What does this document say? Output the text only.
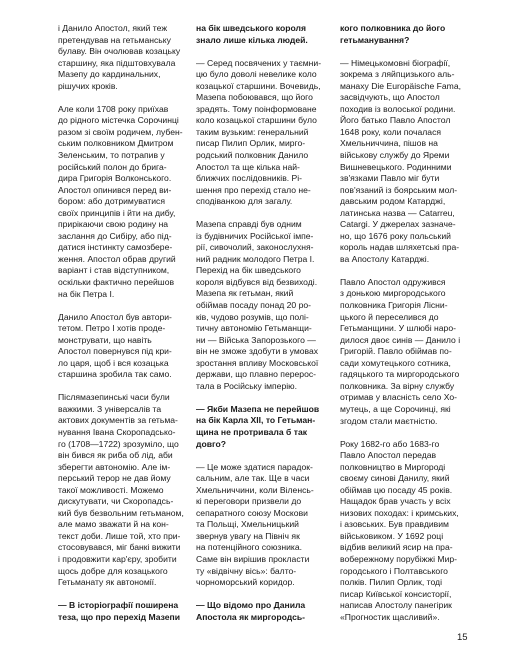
і Данило Апостол, який теж
претендував на гетьманську
булаву. Він очолював козацьку
старшину, яка підштовхувала
Мазепу до кардинальних,
рішучих кроків.

Але коли 1708 року приїхав
до рідного містечка Сорочинці
разом зі своїм родичем, лубен-
ським полковником Дмитром
Зеленським, то потрапив у
російський полон до брига-
дира Григорія Волконського.
Апостол опинився перед ви-
бором: або дотримуватися
своїх принципів і йти на дибу,
прирікаючи свою родину на
заслання до Сибіру, або під-
датися інстинкту самозбере-
ження. Апостол обрав другий
варіант і став відступником,
оскільки фактично перейшов
на бік Петра І.

Данило Апостол був автори-
тетом. Петро І хотів проде-
монструвати, що навіть
Апостол повернувся під кри-
ло царя, щоб і вся козацька
старшина зробила так само.

Післямазепинські часи були
важкими. З універсалів та
актових документів за гетьма-
нування Івана Скоропадсько-
го (1708—1722) зрозуміло, що
він бився як риба об лід, аби
зберегти автономію. Але ім-
перський терор не дав йому
такої можливості. Можемо
дискутувати, чи Скоропадсь-
кий був безвольним гетьманом,
але мамо зважати й на кон-
текст доби. Лише той, хто при-
стосовувався, міг банкі вижити
і продовжити кар'єру, зробити
щось добре для козацького
Гетьманату як автономії.

— В історіографії поширена
теза, що про перехід Мазепи

на бік шведського короля
знало лише кілька людей.

— Серед посвячених у таємни-
цю було доволі невелике коло
козацької старшини. Вочевидь,
Мазепа побоювався, що його
зрадять. Тому поінформоване
коло козацької старшини було
таким вузьким: генеральний
писар Пилип Орлик, мирго-
родський полковник Данило
Апостол та ще кілька най-
ближчих послідовників. Рі-
шення про перехід стало не-
сподіванкою для загалу.

Мазепа справді був одним
із будівничих Російської імпе-
рії, сивочолий, законослухня-
ний радник молодого Петра І.
Перехід на бік шведського
короля відбувся від безвиході.
Мазепа як гетьман, який
обіймав посаду понад 20 ро-
ків, чудово розумів, що полі-
тичну автономію Гетьманщи-
ни — Війська Запорозького —
він не зможе здобути в умовах
зростання впливу Московської
держави, що плавно перерос-
тала в Російську імперію.

— Якби Мазепа не перейшов
на бік Карла XII, то Гетьман-
щина не протривала б так
довго?

— Це може здатися парадок-
сальним, але так. Ще в часи
Хмельниччини, коли Віленсь-
кі переговори призвели до
сепаратного союзу Москови
та Польщі, Хмельницький
звернув увагу на Північ як
на потенційного союзника.
Саме він вирішив прокласти
ту «відвічну вісь»: балто-
чорноморський коридор.

— Що відомо про Данила
Апостола як миргородсь-

кого полковника до його
гетьманування?

— Німецькомовні біографії,
зокрема з ляйпцизького аль-
манаху Die Europäische Fama,
засвідчують, що Апостол
походив із волоської родини.
Його батько Павло Апостол
1648 року, коли почалася
Хмельниччина, пішов на
військову службу до Яреми
Вишневецького. Родинними
зв'язками Павло міг бути
пов'язаний із боярським мол-
давським родом Катарджі,
латинська назва — Catarreu,
Catargi. У джерелах зазначе-
но, що 1676 року польський
король надав шляхетські пра-
ва Апостолу Катарджі.

Павло Апостол одружився
з донькою миргородського
полковника Григорія Лісни-
цького й переселився до
Гетьманщини. У шлюбі наро-
дилося двоє синів — Данило і
Григорій. Павло обіймав по-
сади хомутецького сотника,
гадяцького та миргородського
полковника. За вірну службу
отримав у власність село Хо-
мутець, а ще Сорочинці, які
згодом стали маєтністю.

Року 1682-го або 1683-го
Павло Апостол передав
полковництво в Миргороді
своєму синові Данилу, який
обіймав цю посаду 45 років.
Нащадок брав участь у всіх
низових походах: і кримських,
і азовських. Був правдивим
військовиком. У 1692 році
відбив великий ясир на пра-
вобережному порубіжжі Мир-
городського і Полтавського
полків. Пилип Орлик, тоді
писар Київської консисторії,
написав Апостолу панегірик
«Прогностик щасливий».

15
